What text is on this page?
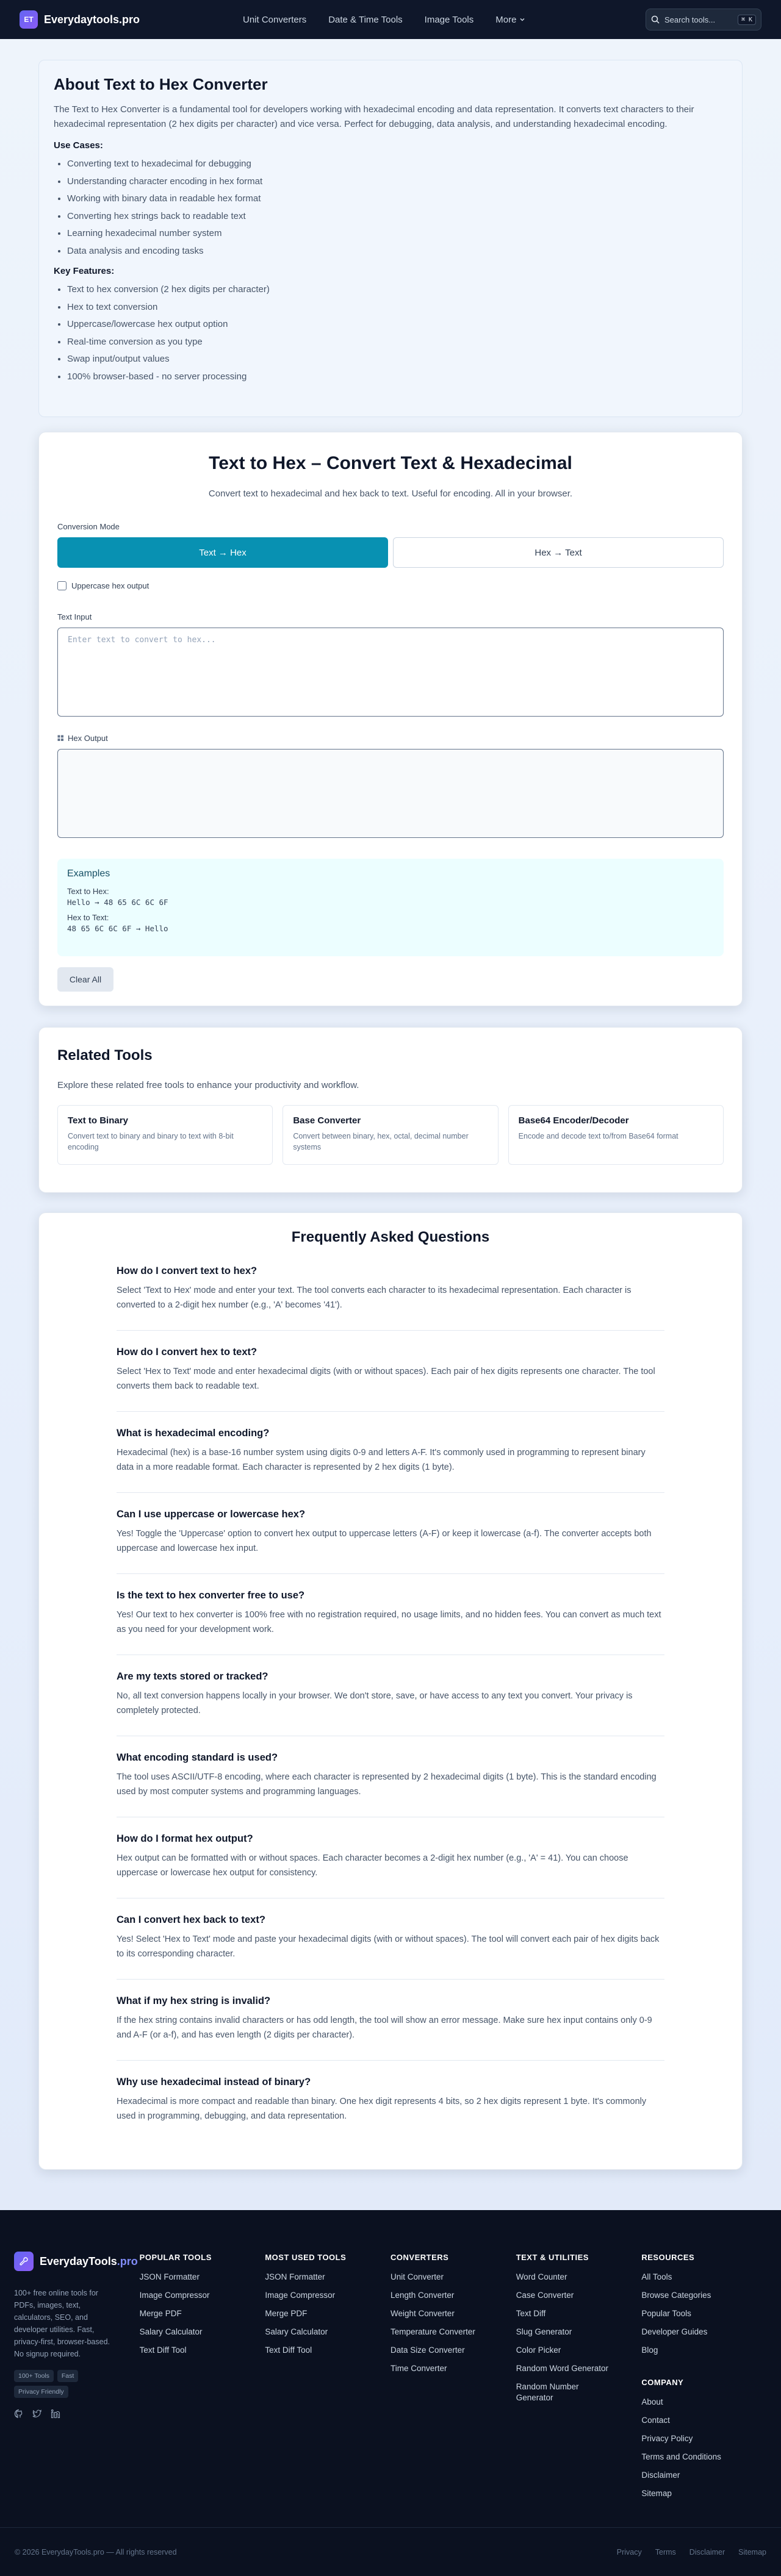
ET Everydaytools.pro	Unit Converters Date & Time Tools Image Tools More	Search tools...	⌘ K
About Text to Hex Converter

The Text to Hex Converter is a fundamental tool for developers working with hexadecimal encoding and data representation. It converts text characters to their hexadecimal representation (2 hex digits per character) and vice versa. Perfect for debugging, data analysis, and understanding hexadecimal encoding.

Use Cases:
• Converting text to hexadecimal for debugging
• Understanding character encoding in hex format
• Working with binary data in readable hex format
• Converting hex strings back to readable text
• Learning hexadecimal number system
• Data analysis and encoding tasks
Key Features:
• Text to hex conversion (2 hex digits per character)
• Hex to text conversion
• Uppercase/lowercase hex output option
• Real-time conversion as you type
• Swap input/output values
• 100% browser-based - no server processing
Text to Hex – Convert Text & Hexadecimal

Convert text to hexadecimal and hex back to text. Useful for encoding. All in your browser.

Conversion Mode
Text → Hex	Hex → Text
Uppercase hex output
Text Input
Enter text to convert to hex...
Hex Output
Examples
Text to Hex:
Hello → 48 65 6C 6C 6F
Hex to Text:
48 65 6C 6C 6F → Hello
Clear All
Related Tools

Explore these related free tools to enhance your productivity and workflow.

Text to Binary

Convert text to binary and binary to text with 8-bit encoding

Base Converter

Convert between binary, hex, octal, decimal number systems

Base64 Encoder/Decoder

Encode and decode text to/from Base64 format

Frequently Asked Questions
How do I convert text to hex?
Select 'Text to Hex' mode and enter your text. The tool converts each character to its hexadecimal representation. Each character is converted to a 2-digit hex number (e.g., 'A' becomes '41').
How do I convert hex to text?
Select 'Hex to Text' mode and enter hexadecimal digits (with or without spaces). Each pair of hex digits represents one character. The tool converts them back to readable text.
What is hexadecimal encoding?
Hexadecimal (hex) is a base-16 number system using digits 0-9 and letters A-F. It's commonly used in programming to represent binary data in a more readable format. Each character is represented by 2 hex digits (1 byte).
Can I use uppercase or lowercase hex?
Yes! Toggle the 'Uppercase' option to convert hex output to uppercase letters (A-F) or keep it lowercase (a-f). The converter accepts both uppercase and lowercase hex input.
Is the text to hex converter free to use?
Yes! Our text to hex converter is 100% free with no registration required, no usage limits, and no hidden fees. You can convert as much text as you need for your development work.
Are my texts stored or tracked?
No, all text conversion happens locally in your browser. We don't store, save, or have access to any text you convert. Your privacy is completely protected.
What encoding standard is used?
The tool uses ASCII/UTF-8 encoding, where each character is represented by 2 hexadecimal digits (1 byte). This is the standard encoding used by most computer systems and programming languages.
How do I format hex output?
Hex output can be formatted with or without spaces. Each character becomes a 2-digit hex number (e.g., 'A' = 41). You can choose uppercase or lowercase hex output for consistency.
Can I convert hex back to text?
Yes! Select 'Hex to Text' mode and paste your hexadecimal digits (with or without spaces). The tool will convert each pair of hex digits back to its corresponding character.
What if my hex string is invalid?
If the hex string contains invalid characters or has odd length, the tool will show an error message. Make sure hex input contains only 0-9 and A-F (or a-f), and has even length (2 digits per character).
Why use hexadecimal instead of binary?
Hexadecimal is more compact and readable than binary. One hex digit represents 4 bits, so 2 hex digits represent 1 byte. It's commonly used in programming, debugging, and data representation.
EverydayTools.pro

100+ free online tools for PDFs, images, text, calculators, SEO, and developer utilities. Fast, privacy-first, browser-based. No signup required.

100+ Tools	Fast
Privacy Friendly
POPULAR TOOLS
JSON Formatter
Image Compressor
Merge PDF
Salary Calculator
Text Diff Tool
MOST USED TOOLS
JSON Formatter
Image Compressor
Merge PDF
Salary Calculator
Text Diff Tool
CONVERTERS
Unit Converter
Length Converter
Weight Converter
Temperature Converter
Data Size Converter
Time Converter
TEXT & UTILITIES
Word Counter
Case Converter
Text Diff
Slug Generator
Color Picker
Random Word Generator
Random Number Generator
RESOURCES
All Tools
Browse Categories
Popular Tools
Developer Guides
Blog
COMPANY
About
Contact
Privacy Policy
Terms and Conditions
Disclaimer
Sitemap
© 2026 EverydayTools.pro — All rights reserved	Privacy Terms Disclaimer Sitemap
